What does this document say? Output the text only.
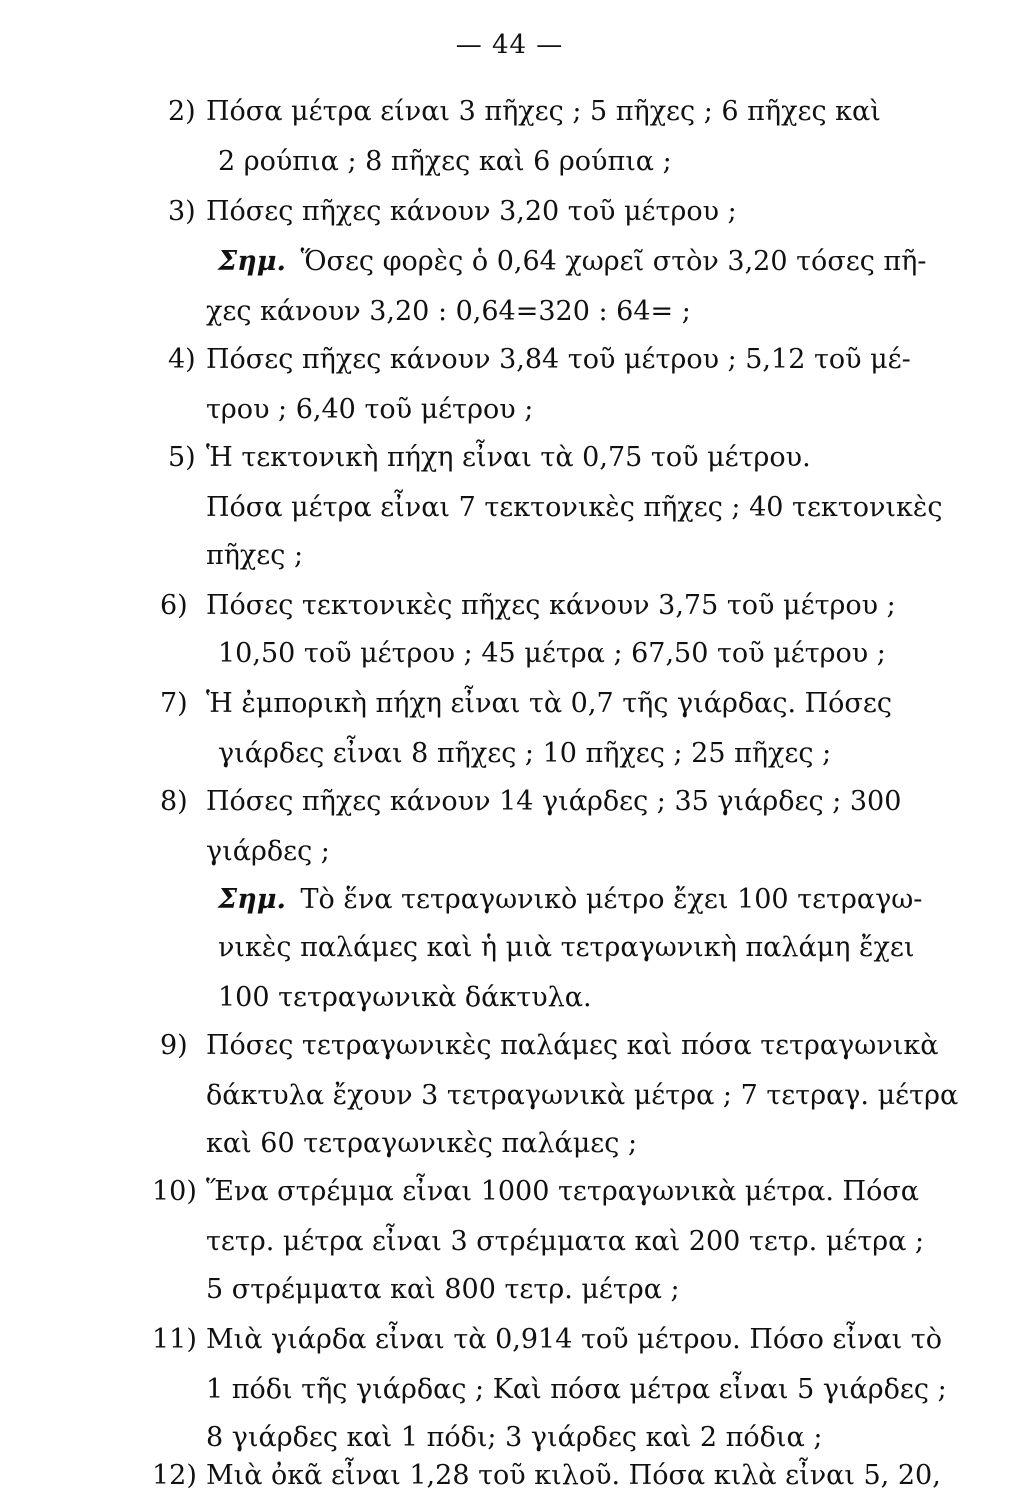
— 44 —
2) Πόσα μέτρα είναι 3 πῆχες ; 5 πῆχες ; 6 πῆχες καὶ
2 ρούπια ; 8 πῆχες καὶ 6 ρούπια ;
3) Πόσες πῆχες κάνουν 3,20 τοῦ μέτρου ;
Σημ. Ὅσες φορὲς ὁ 0,64 χωρεῖ στὸν 3,20 τόσες πῆ-
χες κάνουν 3,20 : 0,64=320 : 64= ;
4) Πόσες πῆχες κάνουν 3,84 τοῦ μέτρου ; 5,12 τοῦ μέ-
τρου ; 6,40 τοῦ μέτρου ;
5) Ἡ τεκτονικὴ πήχη εἶναι τὰ 0,75 τοῦ μέτρου.
Πόσα μέτρα εἶναι 7 τεκτονικὲς πῆχες ; 40 τεκτονικὲς
πῆχες ;
6) Πόσες τεκτονικὲς πῆχες κάνουν 3,75 τοῦ μέτρου ;
10,50 τοῦ μέτρου ; 45 μέτρα ; 67,50 τοῦ μέτρου ;
7) Ἡ ἐμπορικὴ πήχη εἶναι τὰ 0,7 τῆς γιάρδας. Πόσες
γιάρδες εἶναι 8 πῆχες ; 10 πῆχες ; 25 πῆχες ;
8) Πόσες πῆχες κάνουν 14 γιάρδες ; 35 γιάρδες ; 300
γιάρδες ;
Σημ. Τὸ ἕνα τετραγωνικὸ μέτρο ἔχει 100 τετραγω-
νικὲς παλάμες καὶ ἡ μιὰ τετραγωνικὴ παλάμη ἔχει
100 τετραγωνικὰ δάκτυλα.
9) Πόσες τετραγωνικὲς παλάμες καὶ πόσα τετραγωνικὰ
δάκτυλα ἔχουν 3 τετραγωνικὰ μέτρα ; 7 τετραγ. μέτρα
καὶ 60 τετραγωνικὲς παλάμες ;
10) Ἕνα στρέμμα εἶναι 1000 τετραγωνικὰ μέτρα. Πόσα
τετρ. μέτρα εἶναι 3 στρέμματα καὶ 200 τετρ. μέτρα ;
5 στρέμματα καὶ 800 τετρ. μέτρα ;
11) Μιὰ γιάρδα εἶναι τὰ 0,914 τοῦ μέτρου. Πόσο εἶναι τὸ
1 πόδι τῆς γιάρδας ; Καὶ πόσα μέτρα εἶναι 5 γιάρδες ;
8 γιάρδες καὶ 1 πόδι; 3 γιάρδες καὶ 2 πόδια ;
12) Μιὰ ὀκᾶ εἶναι 1,28 τοῦ κιλοῦ. Πόσα κιλὰ εἶναι 5, 20,
